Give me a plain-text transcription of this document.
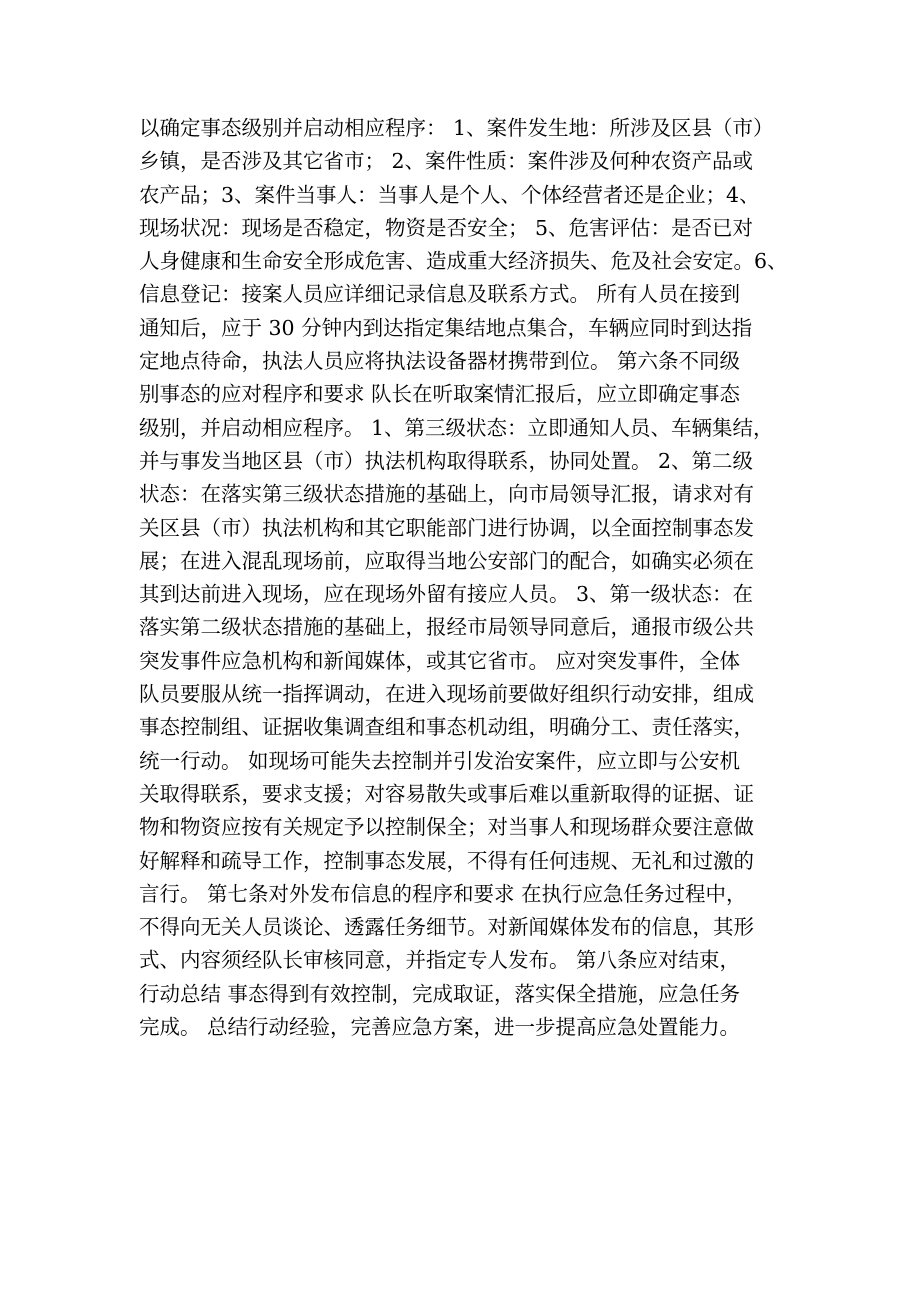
以确定事态级别并启动相应程序： 1、案件发生地：所涉及区县（市）
乡镇，是否涉及其它省市； 2、案件性质：案件涉及何种农资产品或
农产品；3、案件当事人：当事人是个人、个体经营者还是企业；4、
现场状况：现场是否稳定，物资是否安全； 5、危害评估：是否已对
人身健康和生命安全形成危害、造成重大经济损失、危及社会安定。6、
信息登记：接案人员应详细记录信息及联系方式。 所有人员在接到
通知后，应于 30 分钟内到达指定集结地点集合，车辆应同时到达指
定地点待命，执法人员应将执法设备器材携带到位。 第六条不同级
别事态的应对程序和要求 队长在听取案情汇报后，应立即确定事态
级别，并启动相应程序。 1、第三级状态：立即通知人员、车辆集结，
并与事发当地区县（市）执法机构取得联系，协同处置。 2、第二级
状态：在落实第三级状态措施的基础上，向市局领导汇报，请求对有
关区县（市）执法机构和其它职能部门进行协调，以全面控制事态发
展；在进入混乱现场前，应取得当地公安部门的配合，如确实必须在
其到达前进入现场，应在现场外留有接应人员。 3、第一级状态：在
落实第二级状态措施的基础上，报经市局领导同意后，通报市级公共
突发事件应急机构和新闻媒体，或其它省市。 应对突发事件，全体
队员要服从统一指挥调动，在进入现场前要做好组织行动安排，组成
事态控制组、证据收集调查组和事态机动组，明确分工、责任落实，
统一行动。 如现场可能失去控制并引发治安案件，应立即与公安机
关取得联系，要求支援；对容易散失或事后难以重新取得的证据、证
物和物资应按有关规定予以控制保全；对当事人和现场群众要注意做
好解释和疏导工作，控制事态发展，不得有任何违规、无礼和过激的
言行。 第七条对外发布信息的程序和要求 在执行应急任务过程中，
不得向无关人员谈论、透露任务细节。对新闻媒体发布的信息，其形
式、内容须经队长审核同意，并指定专人发布。 第八条应对结束，
行动总结 事态得到有效控制，完成取证，落实保全措施，应急任务
完成。 总结行动经验，完善应急方案，进一步提高应急处置能力。
